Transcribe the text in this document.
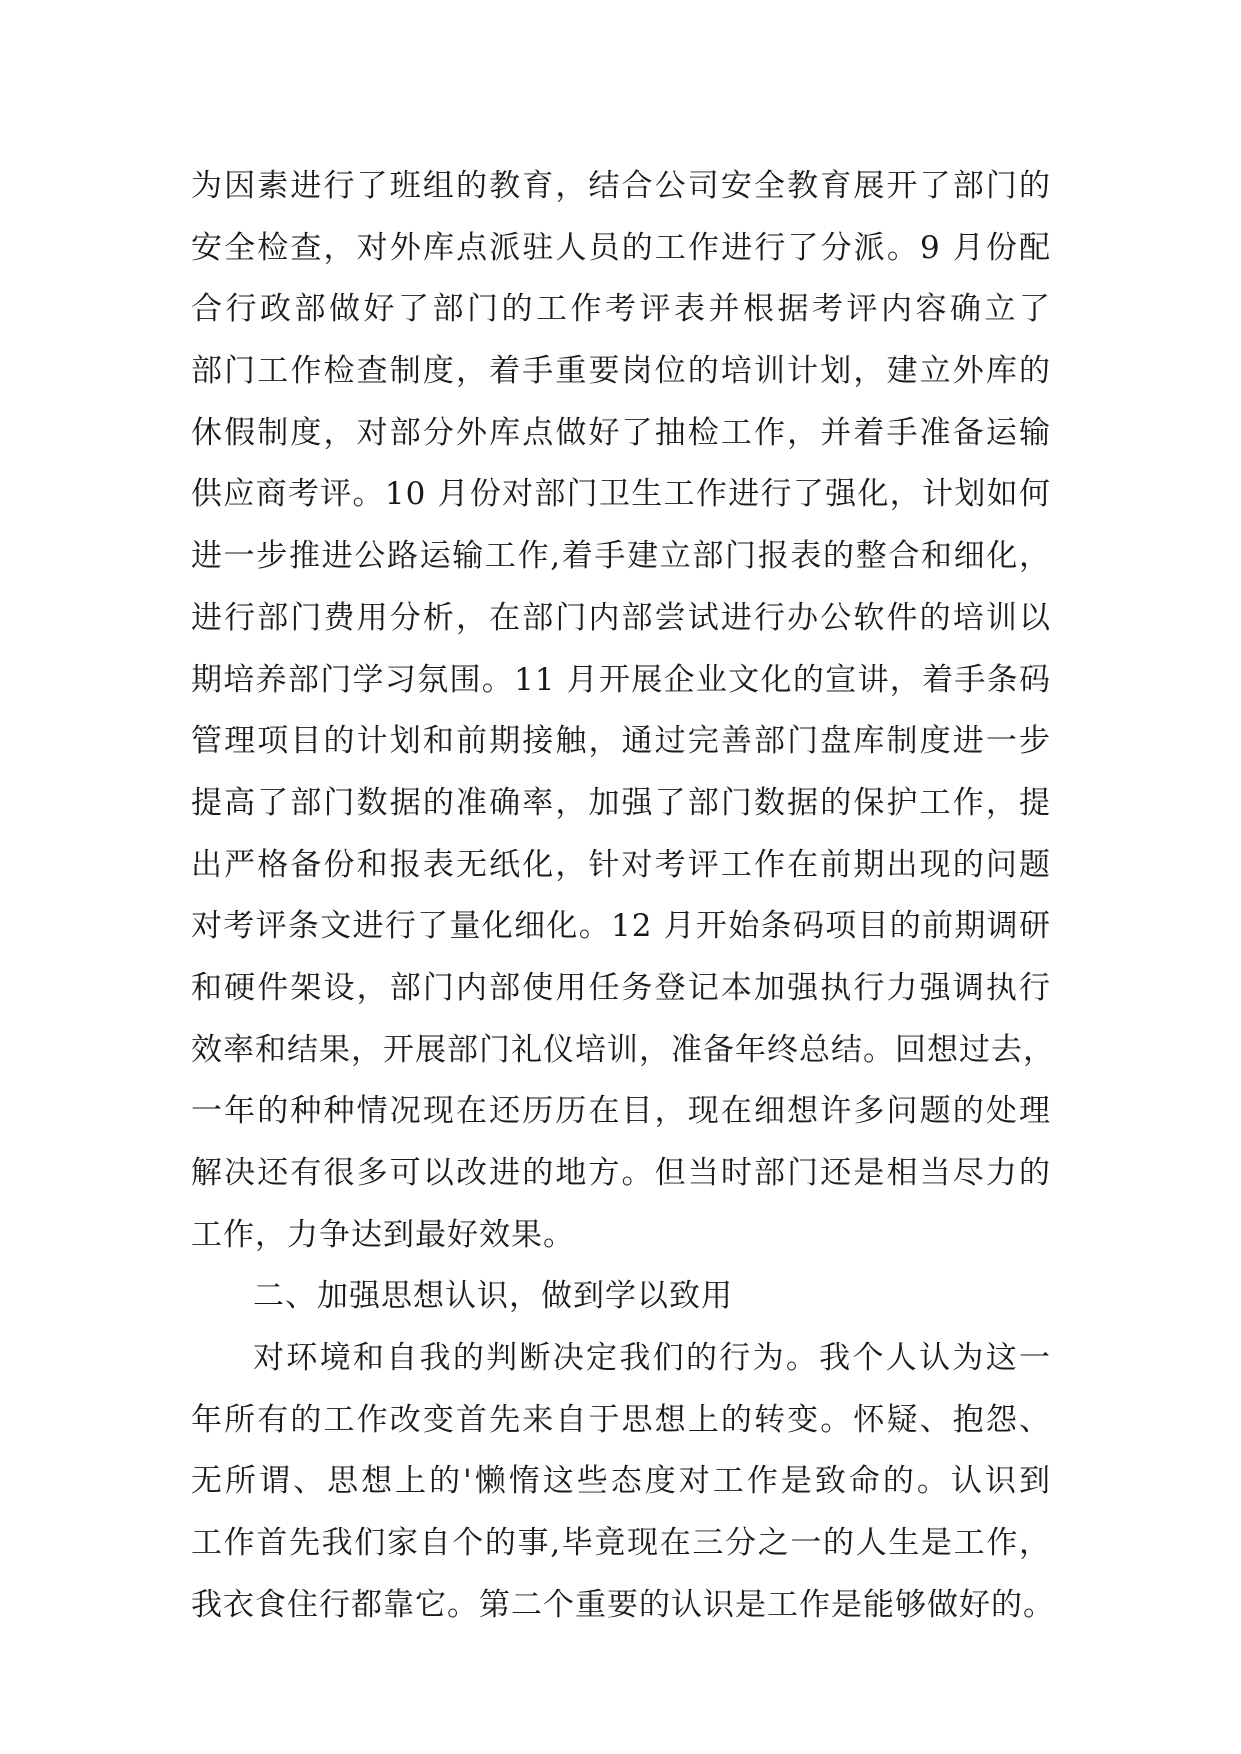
为因素进行了班组的教育，结合公司安全教育展开了部门的
安全检查，对外库点派驻人员的工作进行了分派。9 月份配
合行政部做好了部门的工作考评表并根据考评内容确立了
部门工作检查制度，着手重要岗位的培训计划，建立外库的
休假制度，对部分外库点做好了抽检工作，并着手准备运输
供应商考评。10 月份对部门卫生工作进行了强化，计划如何
进一步推进公路运输工作,着手建立部门报表的整合和细化，
进行部门费用分析，在部门内部尝试进行办公软件的培训以
期培养部门学习氛围。11 月开展企业文化的宣讲，着手条码
管理项目的计划和前期接触，通过完善部门盘库制度进一步
提高了部门数据的准确率，加强了部门数据的保护工作，提
出严格备份和报表无纸化，针对考评工作在前期出现的问题
对考评条文进行了量化细化。12 月开始条码项目的前期调研
和硬件架设，部门内部使用任务登记本加强执行力强调执行
效率和结果，开展部门礼仪培训，准备年终总结。回想过去，
一年的种种情况现在还历历在目，现在细想许多问题的处理
解决还有很多可以改进的地方。但当时部门还是相当尽力的
工作，力争达到最好效果。
二、加强思想认识，做到学以致用
对环境和自我的判断决定我们的行为。我个人认为这一
年所有的工作改变首先来自于思想上的转变。怀疑、抱怨、
无所谓、思想上的'懒惰这些态度对工作是致命的。认识到
工作首先我们家自个的事,毕竟现在三分之一的人生是工作，
我衣食住行都靠它。第二个重要的认识是工作是能够做好的。
